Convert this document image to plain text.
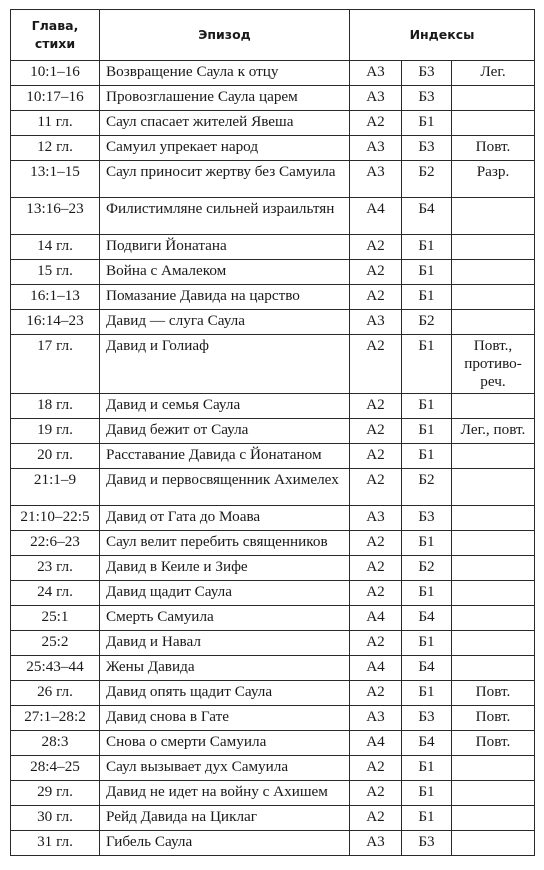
Глава, стихи	Эпизод	Индексы		
10:1–16	Возвращение Саула к отцу	А3	Б3	Лег.
10:17–16	Провозглашение Саула царем	А3	Б3	
11 гл.	Саул спасает жителей Явеша	А2	Б1	
12 гл.	Самуил упрекает народ	А3	Б3	Повт.
13:1–15	Саул приносит жертву без Самуила	А3	Б2	Разр.
13:16–23	Филистимляне сильней израильтян	А4	Б4	
14 гл.	Подвиги Йонатана	А2	Б1	
15 гл.	Война с Амалеком	А2	Б1	
16:1–13	Помазание Давида на царство	А2	Б1	
16:14–23	Давид — слуга Саула	А3	Б2	
17 гл.	Давид и Голиаф	А2	Б1	Повт., противо-реч.
18 гл.	Давид и семья Саула	А2	Б1	
19 гл.	Давид бежит от Саула	А2	Б1	Лег., повт.
20 гл.	Расставание Давида с Йонатаном	А2	Б1	
21:1–9	Давид и первосвященник Ахимелех	А2	Б2	
21:10–22:5	Давид от Гата до Моава	А3	Б3	
22:6–23	Саул велит перебить священников	А2	Б1	
23 гл.	Давид в Кеиле и Зифе	А2	Б2	
24 гл.	Давид щадит Саула	А2	Б1	
25:1	Смерть Самуила	А4	Б4	
25:2	Давид и Навал	А2	Б1	
25:43–44	Жены Давида	А4	Б4	
26 гл.	Давид опять щадит Саула	А2	Б1	Повт.
27:1–28:2	Давид снова в Гате	А3	Б3	Повт.
28:3	Снова о смерти Самуила	А4	Б4	Повт.
28:4–25	Саул вызывает дух Самуила	А2	Б1	
29 гл.	Давид не идет на войну с Ахишем	А2	Б1	
30 гл.	Рейд Давида на Циклаг	А2	Б1	
31 гл.	Гибель Саула	А3	Б3	
